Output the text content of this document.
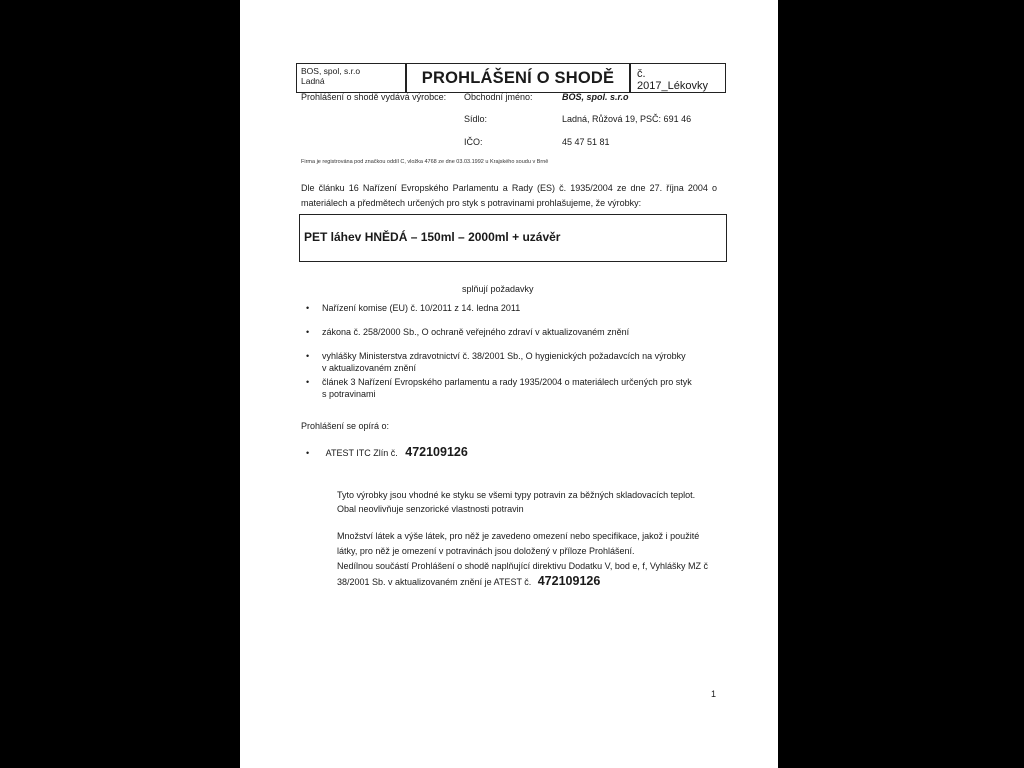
BOS, spol, s.r.o
Ladná	PROHLÁŠENÍ O SHODĚ	č. 2017_Lékovky
Prohlášení o shodě vydává výrobce: Obchodní jméno:	BOS, spol. s.r.o
Sídlo:	Ladná, Růžová 19, PSČ: 691 46
IČO:	45 47 51 81
Firma je registrována pod značkou oddíl C, vložka 4768 ze dne 03.03.1992 u Krajského soudu v Brně
Dle článku 16 Nařízení Evropského Parlamentu a Rady (ES) č. 1935/2004 ze dne 27. října 2004 o
materiálech a předmětech určených pro styk s potravinami prohlašujeme, že výrobky:
PET láhev HNĚDÁ – 150ml – 2000ml + uzávěr
splňují požadavky
• Nařízení komise (EU) č. 10/2011 z 14. ledna 2011
• zákona č. 258/2000 Sb., O ochraně veřejného zdraví v aktualizovaném znění
• vyhlášky Ministerstva zdravotnictví č. 38/2001 Sb., O hygienických požadavcích na výrobky
v aktualizovaném znění
• článek 3 Nařízení Evropského parlamentu a rady 1935/2004 o materiálech určených pro styk
s potravinami
Prohlášení se opírá o:
• ATEST ITC Zlín č. 472109126
Tyto výrobky jsou vhodné ke styku se všemi typy potravin za běžných skladovacích teplot.
Obal neovlivňuje senzorické vlastnosti potravin
Množství látek a výše látek, pro něž je zavedeno omezení nebo specifikace, jakož i použité
látky, pro něž je omezení v potravinách jsou doložený v příloze Prohlášení.
Nedílnou součástí Prohlášení o shodě naplňující direktivu Dodatku V, bod e, f, Vyhlášky MZ č
38/2001 Sb. v aktualizovaném znění je ATEST č. 472109126
1
